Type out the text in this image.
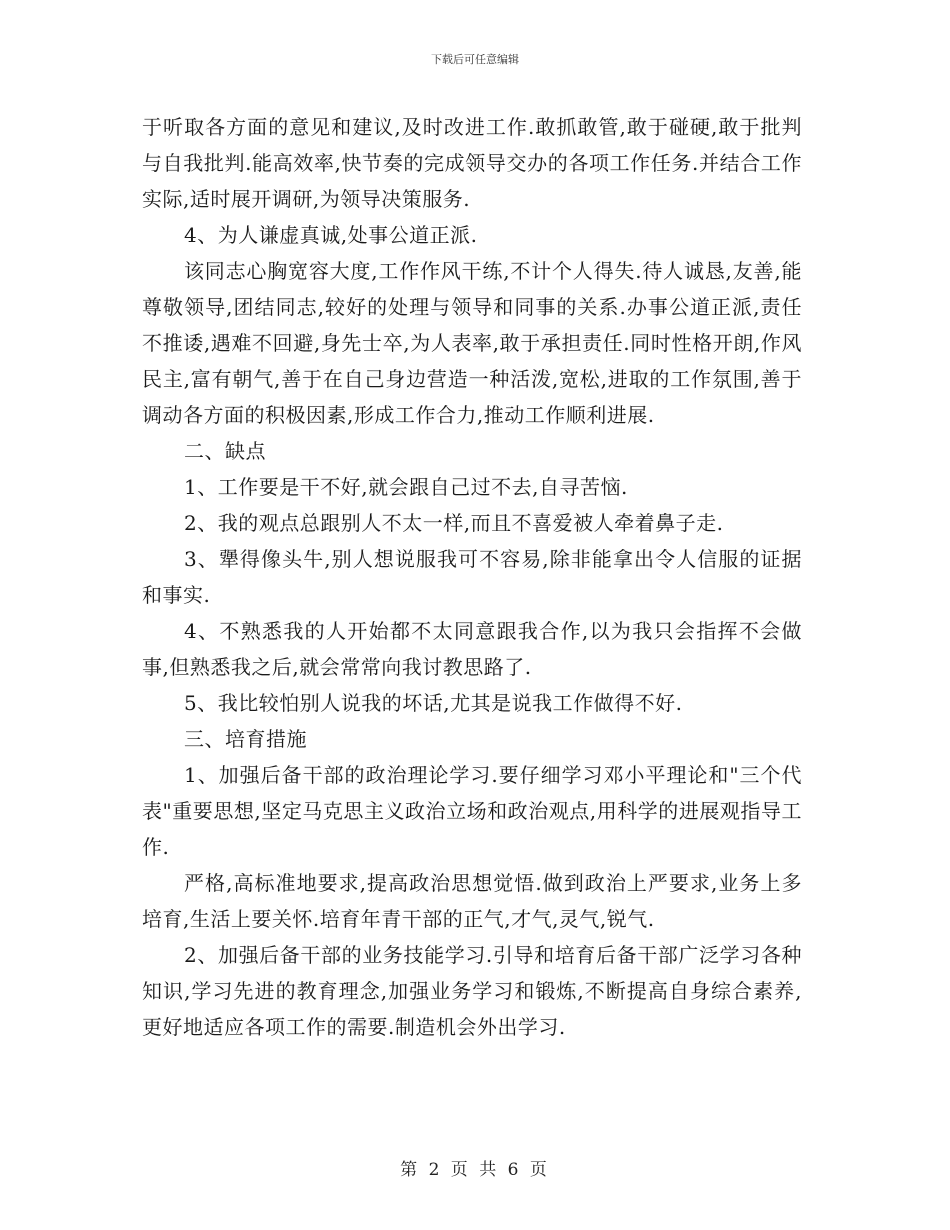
下载后可任意编辑

于听取各方面的意见和建议,及时改进工作.敢抓敢管,敢于碰硬,敢于批判与自我批判.能高效率,快节奏的完成领导交办的各项工作任务.并结合工作实际,适时展开调研,为领导决策服务.

4、为人谦虚真诚,处事公道正派.

该同志心胸宽容大度,工作作风干练,不计个人得失.待人诚恳,友善,能尊敬领导,团结同志,较好的处理与领导和同事的关系.办事公道正派,责任不推诿,遇难不回避,身先士卒,为人表率,敢于承担责任.同时性格开朗,作风民主,富有朝气,善于在自己身边营造一种活泼,宽松,进取的工作氛围,善于调动各方面的积极因素,形成工作合力,推动工作顺利进展.

二、缺点

1、工作要是干不好,就会跟自己过不去,自寻苦恼.

2、我的观点总跟别人不太一样,而且不喜爱被人牵着鼻子走.

3、犟得像头牛,别人想说服我可不容易,除非能拿出令人信服的证据和事实.

4、不熟悉我的人开始都不太同意跟我合作,以为我只会指挥不会做事,但熟悉我之后,就会常常向我讨教思路了.

5、我比较怕别人说我的坏话,尤其是说我工作做得不好.

三、培育措施

1、加强后备干部的政治理论学习.要仔细学习邓小平理论和"三个代表"重要思想,坚定马克思主义政治立场和政治观点,用科学的进展观指导工作.

严格,高标准地要求,提高政治思想觉悟.做到政治上严要求,业务上多培育,生活上要关怀.培育年青干部的正气,才气,灵气,锐气.

2、加强后备干部的业务技能学习.引导和培育后备干部广泛学习各种知识,学习先进的教育理念,加强业务学习和锻炼,不断提高自身综合素养,更好地适应各项工作的需要.制造机会外出学习.

第 2 页 共 6 页
